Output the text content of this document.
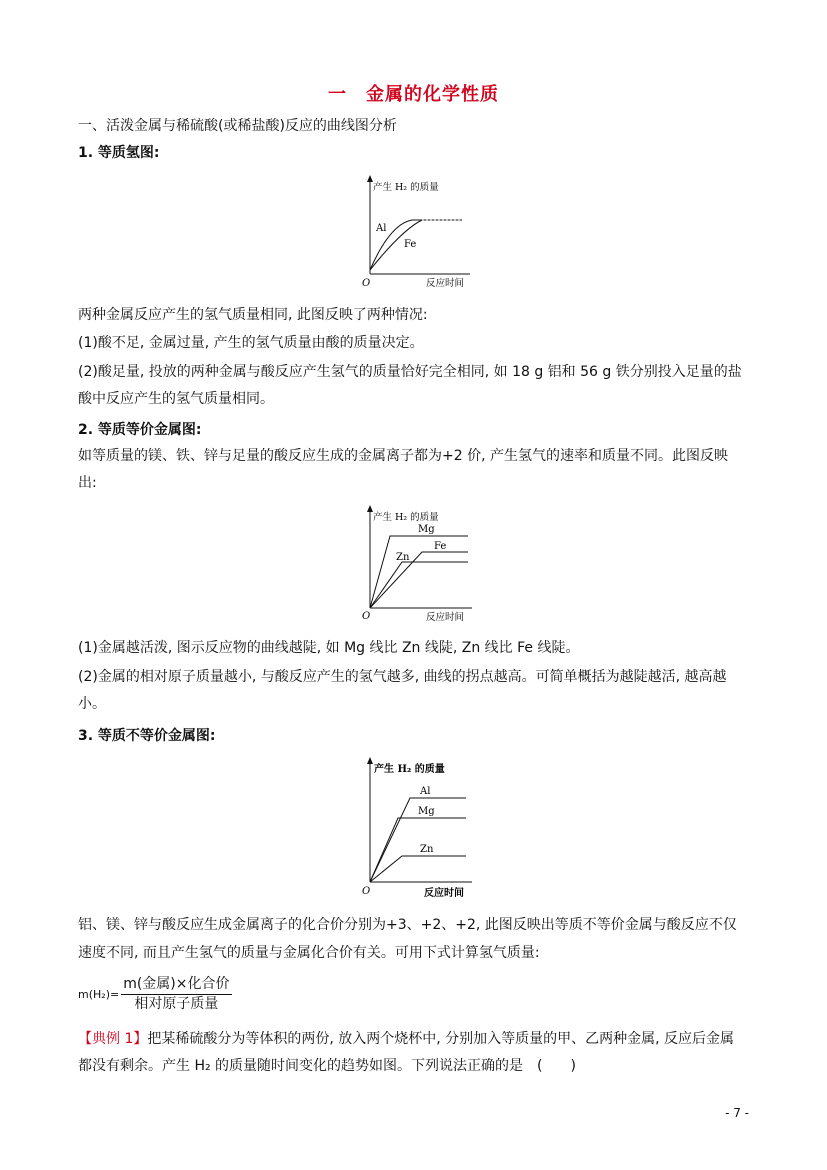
一　金属的化学性质
一、活泼金属与稀硫酸(或稀盐酸)反应的曲线图分析
1. 等质氢图:
产生 H₂ 的质量
Al
Fe
O	反应时间
两种金属反应产生的氢气质量相同, 此图反映了两种情况:
(1)酸不足, 金属过量, 产生的氢气质量由酸的质量决定。
(2)酸足量, 投放的两种金属与酸反应产生氢气的质量恰好完全相同, 如 18 g 铝和 56 g 铁分别投入足量的盐
酸中反应产生的氢气质量相同。
2. 等质等价金属图:
如等质量的镁、铁、锌与足量的酸反应生成的金属离子都为+2 价, 产生氢气的速率和质量不同。此图反映
出:
产生 H₂ 的质量
Mg
Fe
Zn
O	反应时间
(1)金属越活泼, 图示反应物的曲线越陡, 如 Mg 线比 Zn 线陡, Zn 线比 Fe 线陡。
(2)金属的相对原子质量越小, 与酸反应产生的氢气越多, 曲线的拐点越高。可简单概括为越陡越活, 越高越
小。
3. 等质不等价金属图:
产生 H₂ 的质量
Al
Mg
Zn
O	反应时间
铝、镁、锌与酸反应生成金属离子的化合价分别为+3、+2、+2, 此图反映出等质不等价金属与酸反应不仅
速度不同, 而且产生氢气的质量与金属化合价有关。可用下式计算氢气质量:
$m(H_2)= \frac{\text{m(金属)×化合价}}{\text{相对原子质量}}$
【典例 1】把某稀硫酸分为等体积的两份, 放入两个烧杯中, 分别加入等质量的甲、乙两种金属, 反应后金属
都没有剩余。产生 H₂ 的质量随时间变化的趋势如图。下列说法正确的是　(　　)
- 7 -
